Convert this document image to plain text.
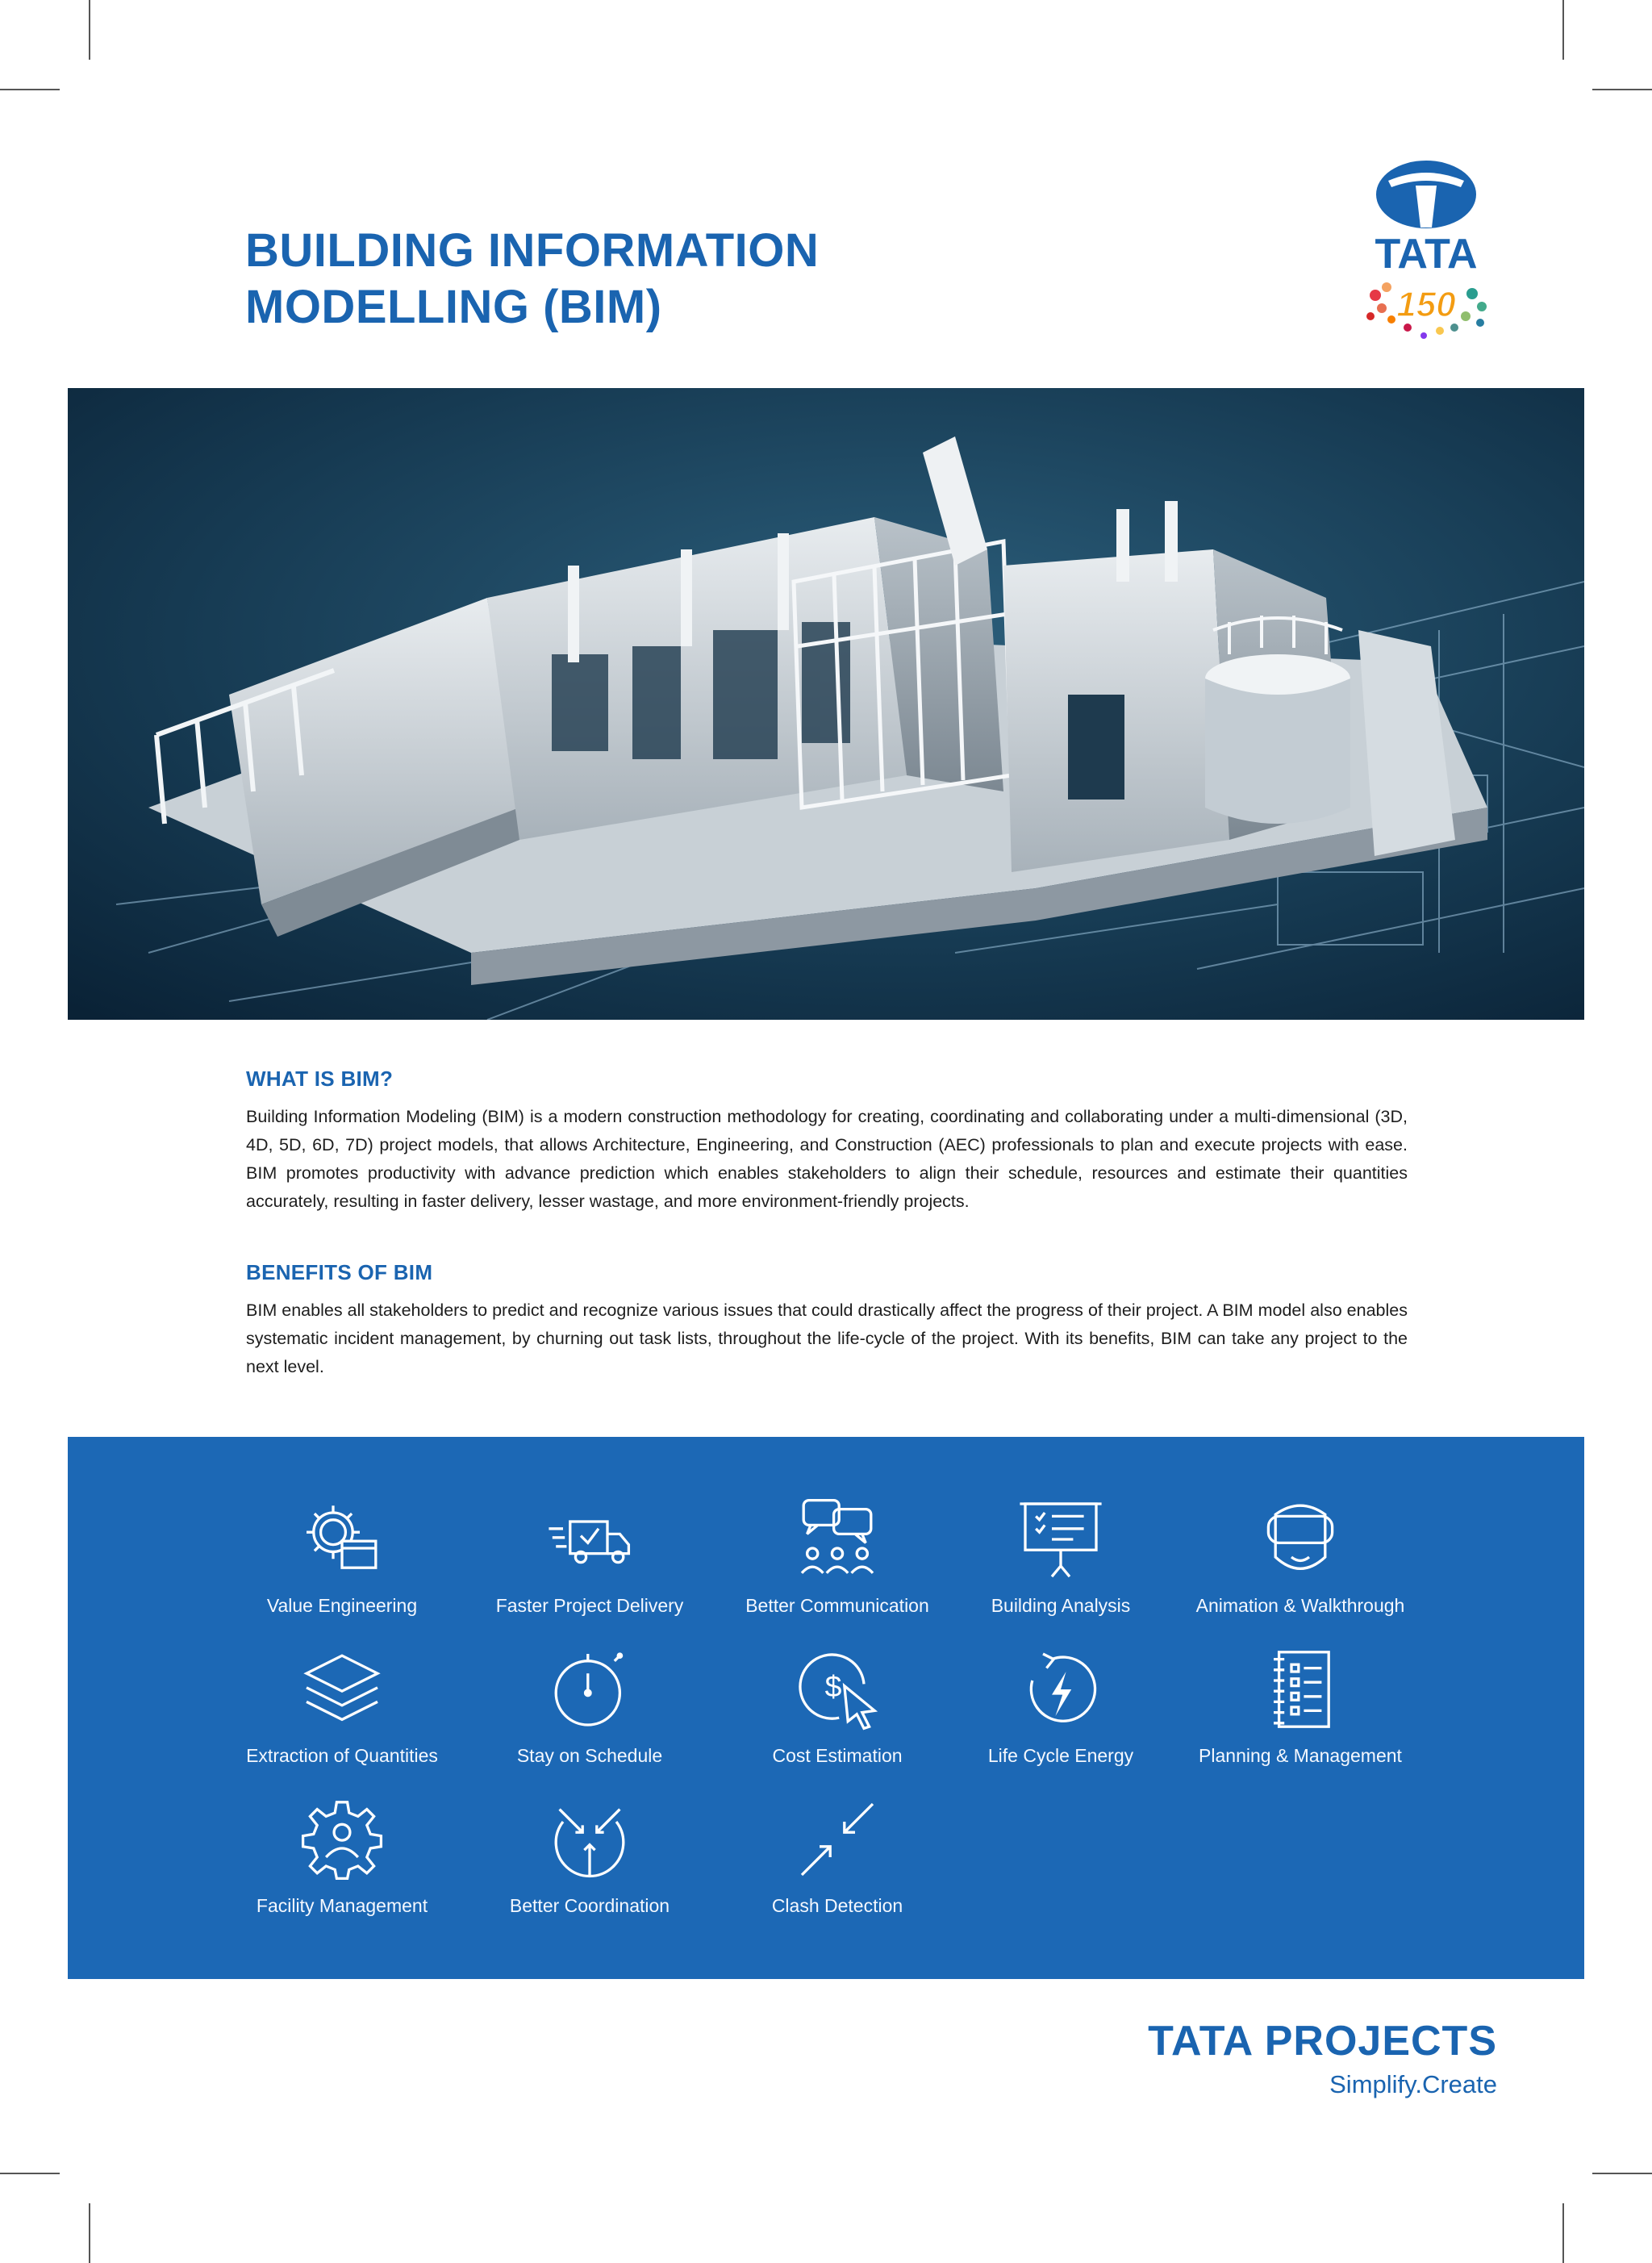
BUILDING INFORMATION
MODELLING (BIM)
TATA
150
WHAT IS BIM?

Building Information Modeling (BIM) is a modern construction methodology for creating, coordinating and collaborating under a multi-dimensional (3D, 4D, 5D, 6D, 7D) project models, that allows Architecture, Engineering, and Construction (AEC) professionals to plan and execute projects with ease. BIM promotes productivity with advance prediction which enables stakeholders to align their schedule, resources and estimate their quantities accurately, resulting in faster delivery, lesser wastage, and more environment-friendly projects.

BENEFITS OF BIM

BIM enables all stakeholders to predict and recognize various issues that could drastically affect the progress of their project. A BIM model also enables systematic incident management, by churning out task lists, throughout the life-cycle of the project. With its benefits, BIM can take any project to the next level.

Value Engineering	Faster Project Delivery	Better Communication	Building Analysis	Animation & Walkthrough
Extraction of Quantities	Stay on Schedule
$
Cost Estimation	Life Cycle Energy	Planning & Management
Facility Management	Better Coordination	Clash Detection
TATA PROJECTS
Simplify.Create
